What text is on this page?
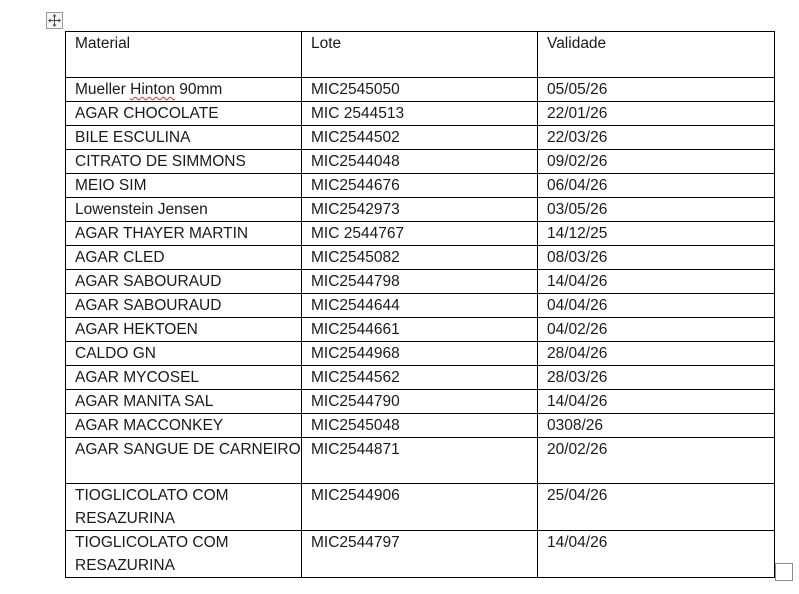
Material	Lote	Validade
Mueller Hinton 90mm	MIC2545050	05/05/26
AGAR CHOCOLATE	MIC 2544513	22/01/26
BILE ESCULINA	MIC2544502	22/03/26
CITRATO DE SIMMONS	MIC2544048	09/02/26
MEIO SIM	MIC2544676	06/04/26
Lowenstein Jensen	MIC2542973	03/05/26
AGAR THAYER MARTIN	MIC 2544767	14/12/25
AGAR CLED	MIC2545082	08/03/26
AGAR SABOURAUD	MIC2544798	14/04/26
AGAR SABOURAUD	MIC2544644	04/04/26
AGAR HEKTOEN	MIC2544661	04/02/26
CALDO GN	MIC2544968	28/04/26
AGAR MYCOSEL	MIC2544562	28/03/26
AGAR MANITA SAL	MIC2544790	14/04/26
AGAR MACCONKEY	MIC2545048	0308/26
AGAR SANGUE DE CARNEIRO	MIC2544871	20/02/26
TIOGLICOLATO COM RESAZURINA	MIC2544906	25/04/26
TIOGLICOLATO COM RESAZURINA	MIC2544797	14/04/26
